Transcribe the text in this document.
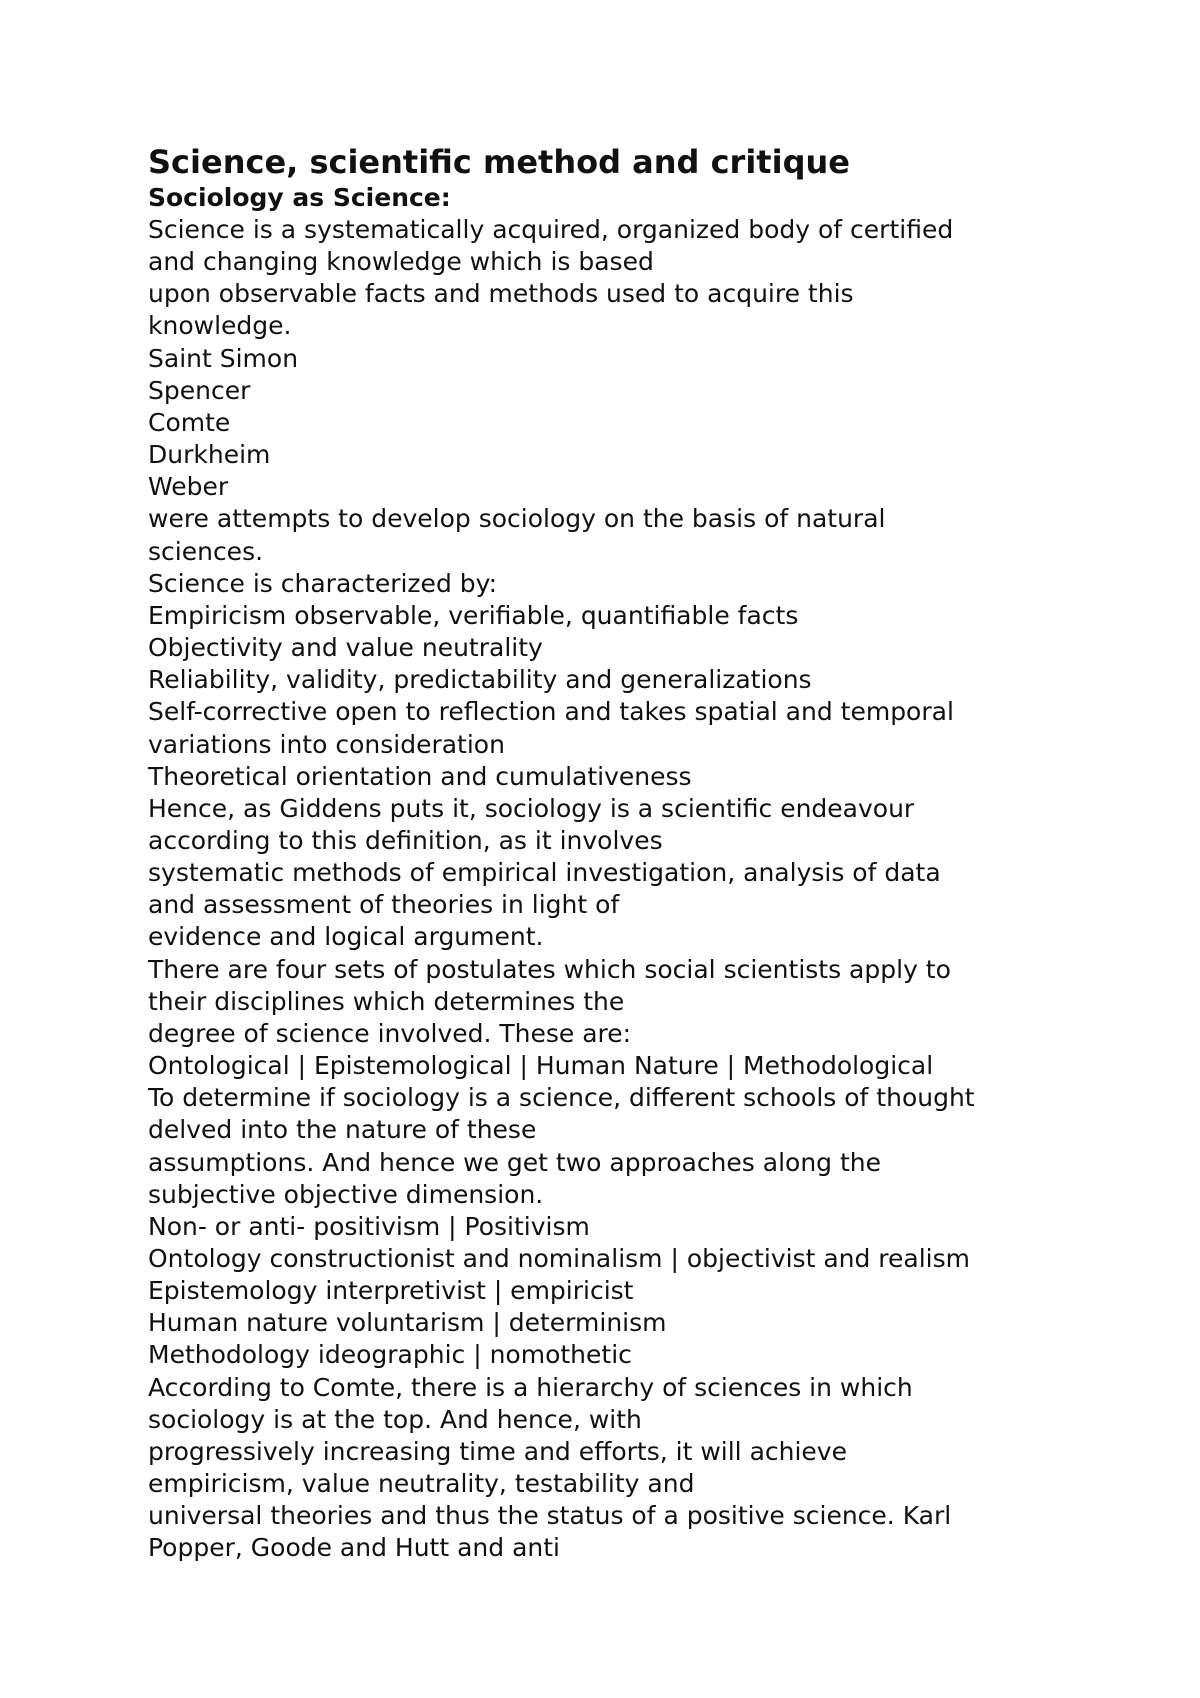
Science, scientific method and critique
Sociology as Science:
Science is a systematically acquired, organized body of certified
and changing knowledge which is based
upon observable facts and methods used to acquire this
knowledge.
Saint Simon
Spencer
Comte
Durkheim
Weber
were attempts to develop sociology on the basis of natural
sciences.
Science is characterized by:
Empiricism observable, verifiable, quantifiable facts
Objectivity and value neutrality
Reliability, validity, predictability and generalizations
Self-corrective open to reflection and takes spatial and temporal
variations into consideration
Theoretical orientation and cumulativeness
Hence, as Giddens puts it, sociology is a scientific endeavour
according to this definition, as it involves
systematic methods of empirical investigation, analysis of data
and assessment of theories in light of
evidence and logical argument.
There are four sets of postulates which social scientists apply to
their disciplines which determines the
degree of science involved. These are:
Ontological | Epistemological | Human Nature | Methodological
To determine if sociology is a science, different schools of thought
delved into the nature of these
assumptions. And hence we get two approaches along the
subjective objective dimension.
Non- or anti- positivism | Positivism
Ontology constructionist and nominalism | objectivist and realism
Epistemology interpretivist | empiricist
Human nature voluntarism | determinism
Methodology ideographic | nomothetic
According to Comte, there is a hierarchy of sciences in which
sociology is at the top. And hence, with
progressively increasing time and efforts, it will achieve
empiricism, value neutrality, testability and
universal theories and thus the status of a positive science. Karl
Popper, Goode and Hutt and anti
